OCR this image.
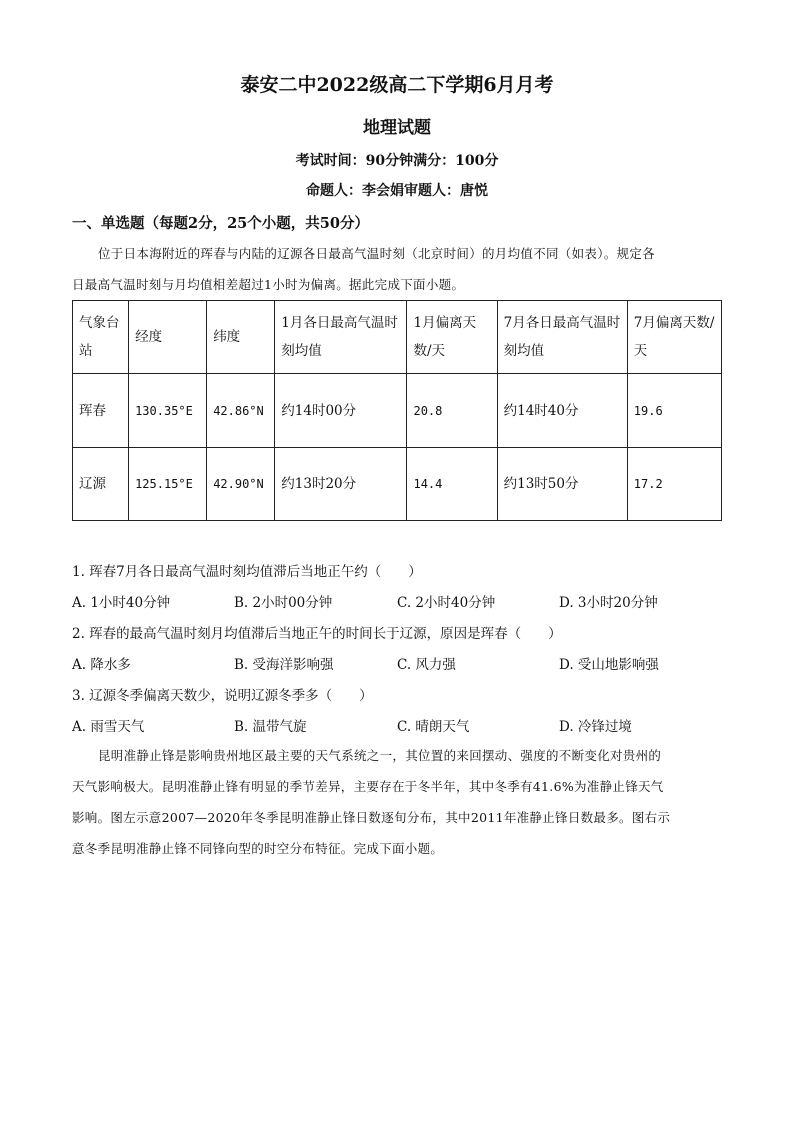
泰安二中2022级高二下学期6月月考
地理试题
考试时间：90分钟满分：100分
命题人：李会娟审题人：唐悦
一、单选题（每题2分，25个小题，共50分）
位于日本海附近的珲春与内陆的辽源各日最高气温时刻（北京时间）的月均值不同（如表）。规定各
日最高气温时刻与月均值相差超过1小时为偏离。据此完成下面小题。
气象台站	经度	纬度	1月各日最高气温时刻均值	1月偏离天数/天	7月各日最高气温时刻均值	7月偏离天数/天
珲春	130.35°E	42.86°N	约14时00分	20.8	约14时40分	19.6
辽源	125.15°E	42.90°N	约13时20分	14.4	约13时50分	17.2
1. 珲春7月各日最高气温时刻均值滞后当地正午约（　　）
A. 1小时40分钟	B. 2小时00分钟	C. 2小时40分钟	D. 3小时20分钟
2. 珲春的最高气温时刻月均值滞后当地正午的时间长于辽源，原因是珲春（　　）
A. 降水多	B. 受海洋影响强	C. 风力强	D. 受山地影响强
3. 辽源冬季偏离天数少，说明辽源冬季多（　　）
A. 雨雪天气	B. 温带气旋	C. 晴朗天气	D. 冷锋过境
昆明准静止锋是影响贵州地区最主要的天气系统之一，其位置的来回摆动、强度的不断变化对贵州的
天气影响极大。昆明准静止锋有明显的季节差异，主要存在于冬半年，其中冬季有41.6%为准静止锋天气
影响。图左示意2007—2020年冬季昆明准静止锋日数逐旬分布，其中2011年准静止锋日数最多。图右示
意冬季昆明准静止锋不同锋向型的时空分布特征。完成下面小题。
